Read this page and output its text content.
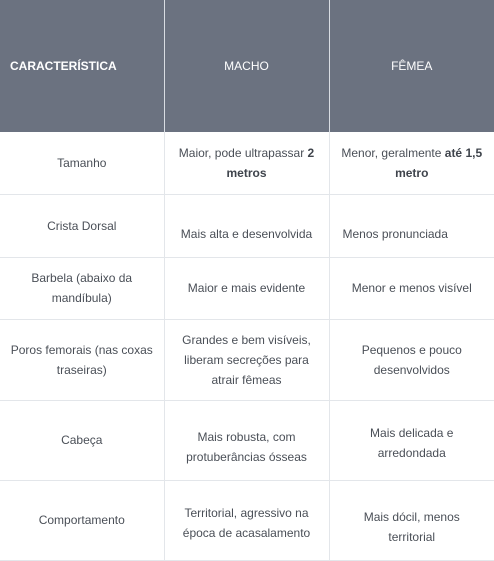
CARACTERÍSTICA	MACHO	FÊMEA
Tamanho	Maior, pode ultrapassar 2 metros	Menor, geralmente até 1,5 metro
Crista Dorsal	Mais alta e desenvolvida	Menos pronunciada
Barbela (abaixo da mandíbula)	Maior e mais evidente	Menor e menos visível
Poros femorais (nas coxas traseiras)	Grandes e bem visíveis, liberam secreções para atrair fêmeas	Pequenos e pouco desenvolvidos
Cabeça	Mais robusta, com protuberâncias ósseas	Mais delicada e arredondada
Comportamento	Territorial, agressivo na época de acasalamento	Mais dócil, menos territorial
